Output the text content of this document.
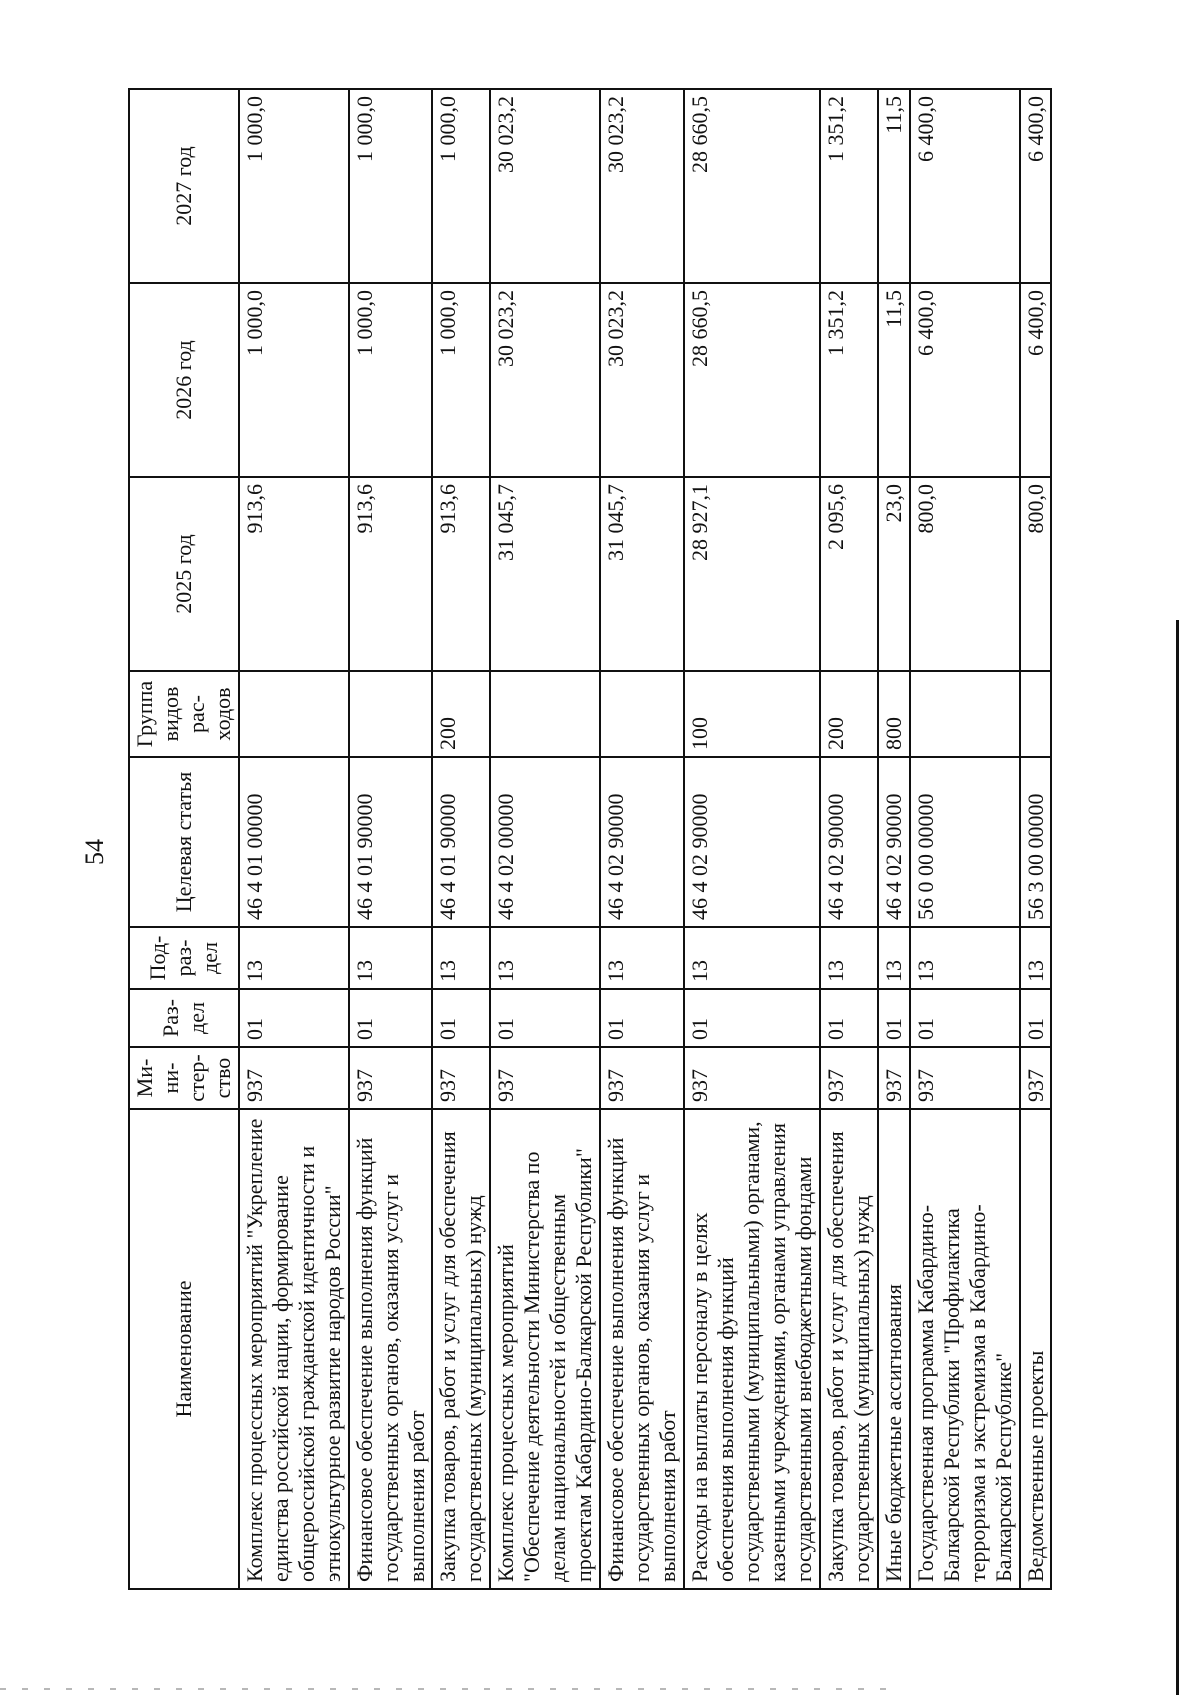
54
Наименование	Ми- ни- стер- ство	Раз- дел	Под- раз- дел	Целевая статья	Группа видов рас- ходов	2025 год	2026 год	2027 год
Комплекс процессных мероприятий "Укрепление единства российской нации, формирование общероссийской гражданской идентичности и этнокультурное развитие народов России"	937	01	13	46 4 01 00000		913,6	1 000,0	1 000,0
Финансовое обеспечение выполнения функций государственных органов, оказания услуг и выполнения работ	937	01	13	46 4 01 90000		913,6	1 000,0	1 000,0
Закупка товаров, работ и услуг для обеспечения государственных (муниципальных) нужд	937	01	13	46 4 01 90000	200	913,6	1 000,0	1 000,0
Комплекс процессных мероприятий "Обеспечение деятельности Министерства по делам национальностей и общественным проектам Кабардино-Балкарской Республики"	937	01	13	46 4 02 00000		31 045,7	30 023,2	30 023,2
Финансовое обеспечение выполнения функций государственных органов, оказания услуг и выполнения работ	937	01	13	46 4 02 90000		31 045,7	30 023,2	30 023,2
Расходы на выплаты персоналу в целях обеспечения выполнения функций государственными (муниципальными) органами, казенными учреждениями, органами управления государственными внебюджетными фондами	937	01	13	46 4 02 90000	100	28 927,1	28 660,5	28 660,5
Закупка товаров, работ и услуг для обеспечения государственных (муниципальных) нужд	937	01	13	46 4 02 90000	200	2 095,6	1 351,2	1 351,2
Иные бюджетные ассигнования	937	01	13	46 4 02 90000	800	23,0	11,5	11,5
Государственная программа Кабардино-Балкарской Республики "Профилактика терроризма и экстремизма в Кабардино-Балкарской Республике"	937	01	13	56 0 00 00000		800,0	6 400,0	6 400,0
Ведомственные проекты	937	01	13	56 3 00 00000		800,0	6 400,0	6 400,0
